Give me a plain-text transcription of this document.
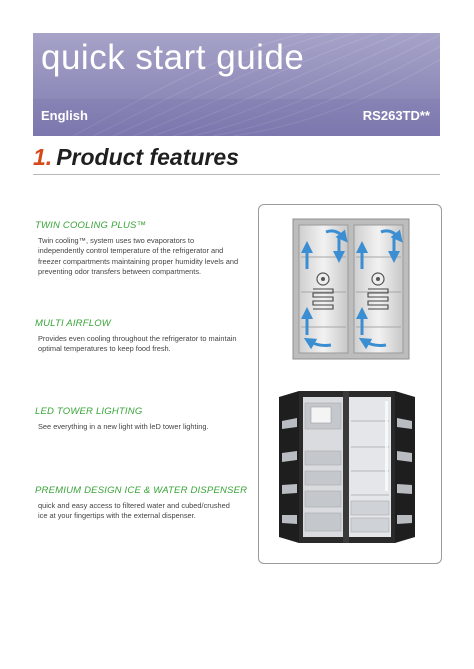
quick start guide
English	RS263TD**
1. Product features
TWIN COOLING PLUS™

Twin cooling™, system uses two evaporators to
independently control temperature of the refrigerator and
freezer compartments maintaining proper humidity levels and
preventing odor transfers between compartments.

MULTI AIRFLOW

Provides even cooling throughout the refrigerator to maintain
optimal temperatures to keep food fresh.

LED TOWER LIGHTING

See everything in a new light with leD tower lighting.

PREMIUM DESIGN ICE & WATER DISPENSER

quick and easy access to filtered water and cubed/crushed
ice at your fingertips with the external dispenser.
